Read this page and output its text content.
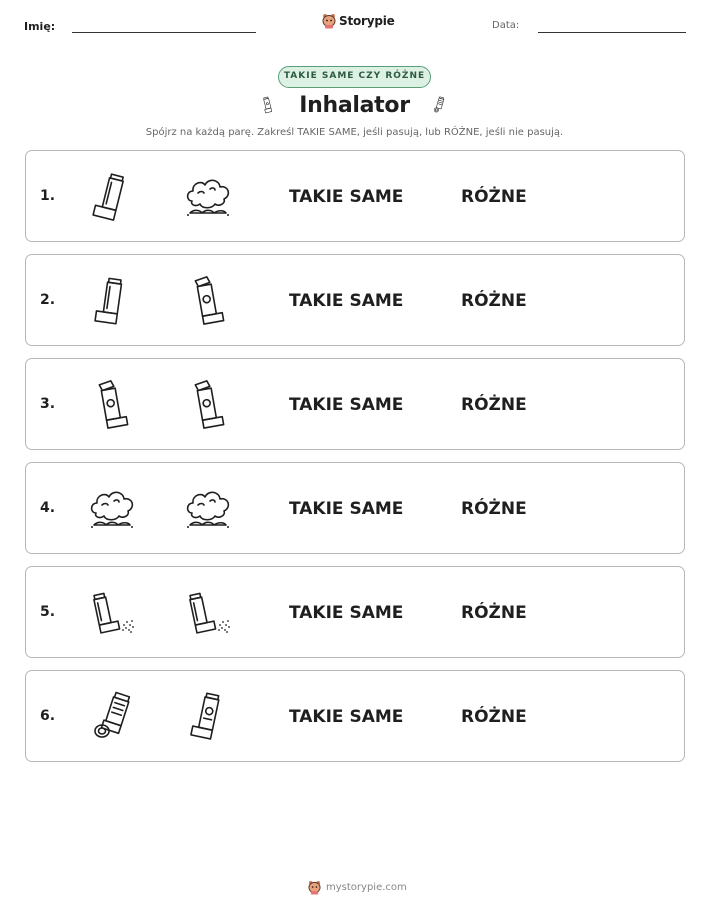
Imię:	Storypie	Data:
TAKIE SAME CZY RÓŻNE
Inhalator
Spójrz na każdą parę. Zakreśl TAKIE SAME, jeśli pasują, lub RÓŻNE, jeśli nie pasują.
1.	TAKIE SAME	RÓŻNE
2.	TAKIE SAME	RÓŻNE
3.	TAKIE SAME	RÓŻNE
4.	TAKIE SAME	RÓŻNE
5.	TAKIE SAME	RÓŻNE
6.	TAKIE SAME	RÓŻNE
mystorypie.com
